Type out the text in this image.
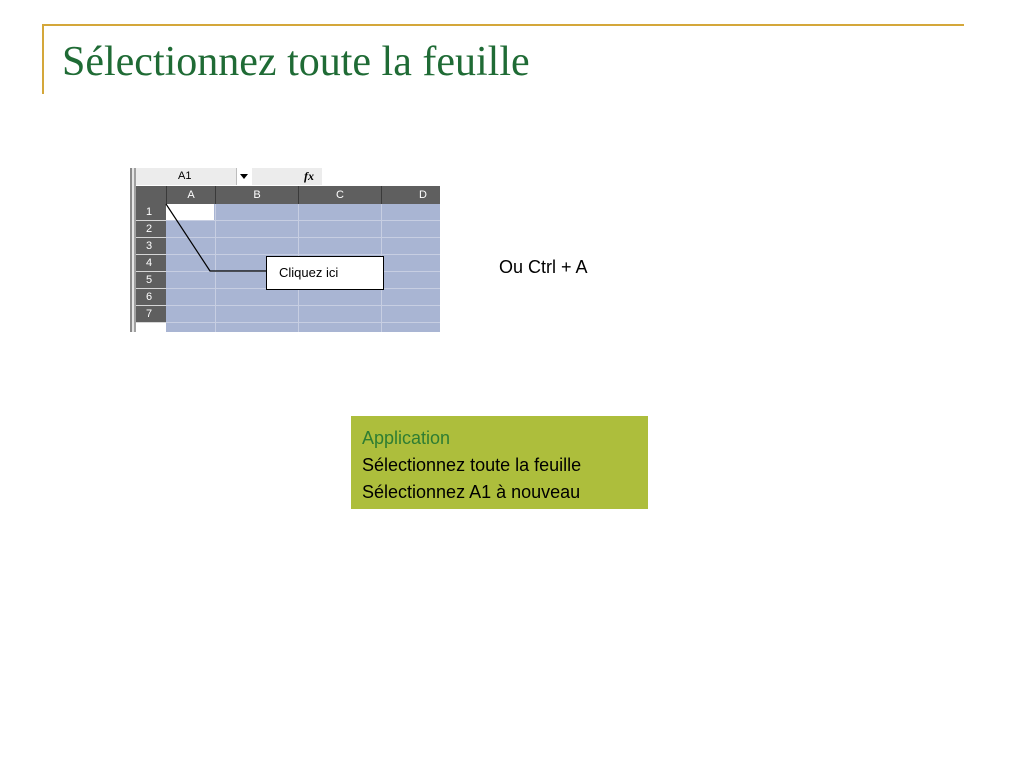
Sélectionnez toute la feuille
A1	fx
A	B	C	D
1
2
3
4
5
6
7
Cliquez ici	Ou Ctrl + A
Application
Sélectionnez toute la feuille
Sélectionnez A1 à nouveau
